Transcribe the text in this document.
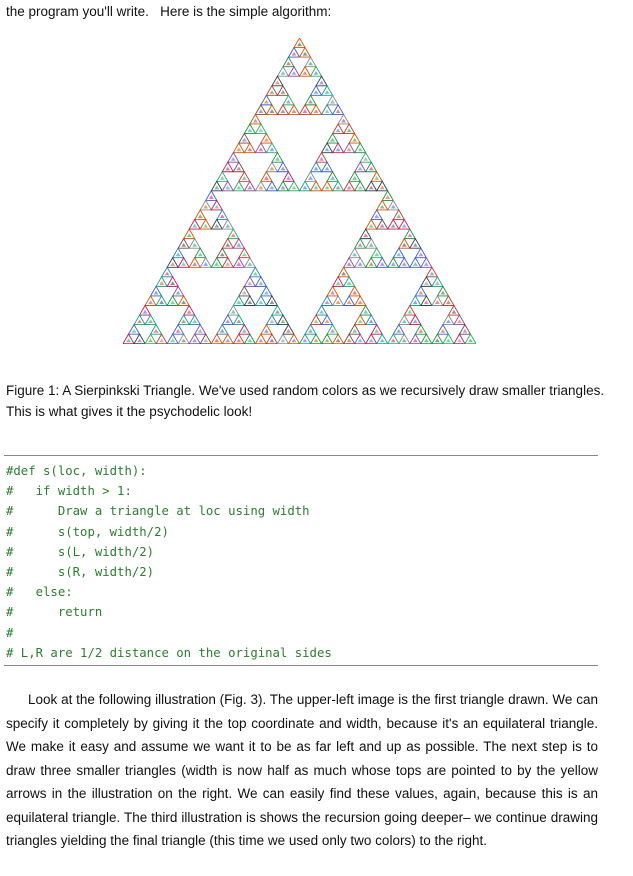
the program you'll write.   Here is the simple algorithm:
Figure 1: A Sierpinkski Triangle. We've used random colors as we recursively draw smaller triangles. This is what gives it the psychodelic look!
#def s(loc, width):
#   if width > 1:
#      Draw a triangle at loc using width
#      s(top, width/2)
#      s(L, width/2)
#      s(R, width/2)
#   else:
#      return
#
# L,R are 1/2 distance on the original sides
Look at the following illustration (Fig. 3). The upper-left image is the first triangle drawn. We can specify it completely by giving it the top coordinate and width, because it's an equilateral triangle. We make it easy and assume we want it to be as far left and up as possible. The next step is to draw three smaller triangles (width is now half as much whose tops are pointed to by the yellow arrows in the illustration on the right. We can easily find these values, again, because this is an equilateral triangle. The third illustration is shows the recursion going deeper– we continue drawing triangles yielding the final triangle (this time we used only two colors) to the right.
